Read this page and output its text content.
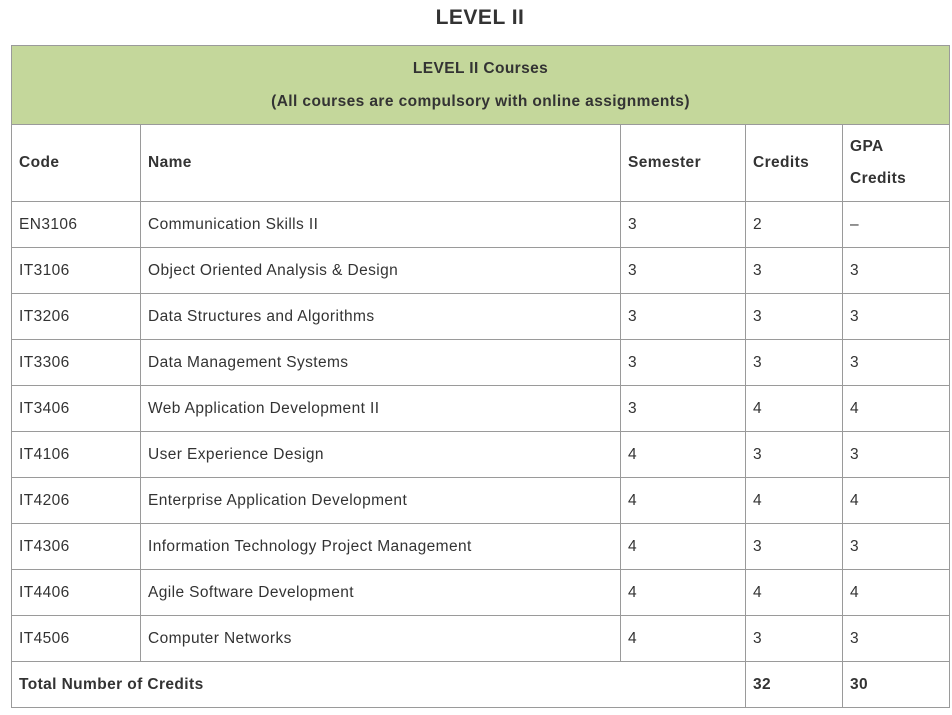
LEVEL II
LEVEL II Courses
(All courses are compulsory with online assignments)				

Code	Name	Semester	Credits	GPA
Credits

EN3106	Communication Skills II	3	2	–
IT3106	Object Oriented Analysis & Design	3	3	3
IT3206	Data Structures and Algorithms	3	3	3
IT3306	Data Management Systems	3	3	3
IT3406	Web Application Development II	3	4	4
IT4106	User Experience Design	4	3	3
IT4206	Enterprise Application Development	4	4	4
IT4306	Information Technology Project Management	4	3	3
IT4406	Agile Software Development	4	4	4
IT4506	Computer Networks	4	3	3
Total Number of Credits			32	30
